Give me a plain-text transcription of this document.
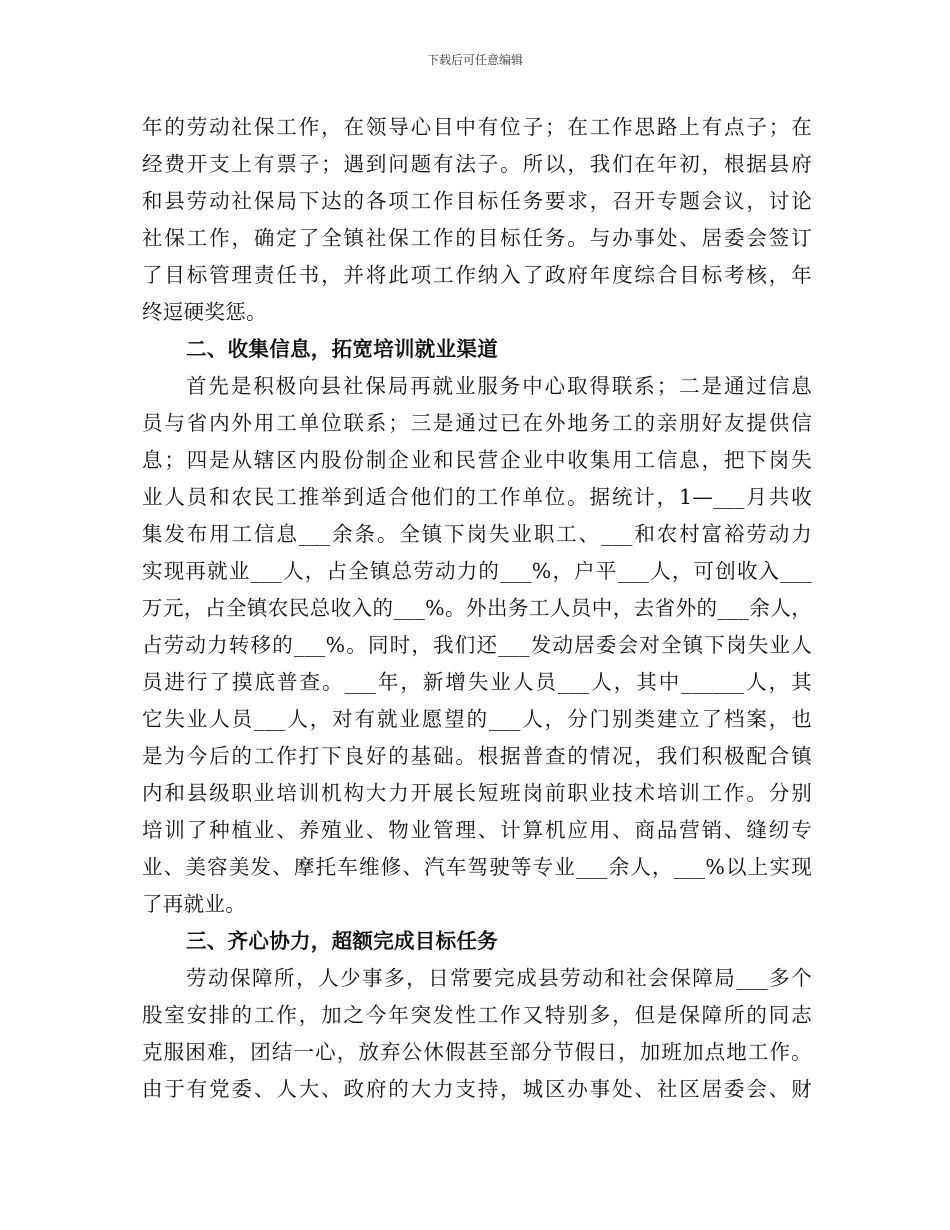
下载后可任意编辑
年的劳动社保工作，在领导心目中有位子；在工作思路上有点子；在
经费开支上有票子；遇到问题有法子。所以，我们在年初，根据县府
和县劳动社保局下达的各项工作目标任务要求，召开专题会议，讨论
社保工作，确定了全镇社保工作的目标任务。与办事处、居委会签订
了目标管理责任书，并将此项工作纳入了政府年度综合目标考核，年
终逗硬奖惩。
二、收集信息，拓宽培训就业渠道
首先是积极向县社保局再就业服务中心取得联系；二是通过信息
员与省内外用工单位联系；三是通过已在外地务工的亲朋好友提供信
息；四是从辖区内股份制企业和民营企业中收集用工信息，把下岗失
业人员和农民工推举到适合他们的工作单位。据统计，1—___月共收
集发布用工信息___余条。全镇下岗失业职工、___和农村富裕劳动力
实现再就业___人，占全镇总劳动力的___%，户平___人，可创收入___
万元，占全镇农民总收入的___%。外出务工人员中，去省外的___余人，
占劳动力转移的___%。同时，我们还___发动居委会对全镇下岗失业人
员进行了摸底普查。___年，新增失业人员___人，其中______人，其
它失业人员___人，对有就业愿望的___人，分门别类建立了档案，也
是为今后的工作打下良好的基础。根据普查的情况，我们积极配合镇
内和县级职业培训机构大力开展长短班岗前职业技术培训工作。分别
培训了种植业、养殖业、物业管理、计算机应用、商品营销、缝纫专
业、美容美发、摩托车维修、汽车驾驶等专业___余人，___%以上实现
了再就业。
三、齐心协力，超额完成目标任务
劳动保障所，人少事多，日常要完成县劳动和社会保障局___多个
股室安排的工作，加之今年突发性工作又特别多，但是保障所的同志
克服困难，团结一心，放弃公休假甚至部分节假日，加班加点地工作。
由于有党委、人大、政府的大力支持，城区办事处、社区居委会、财
